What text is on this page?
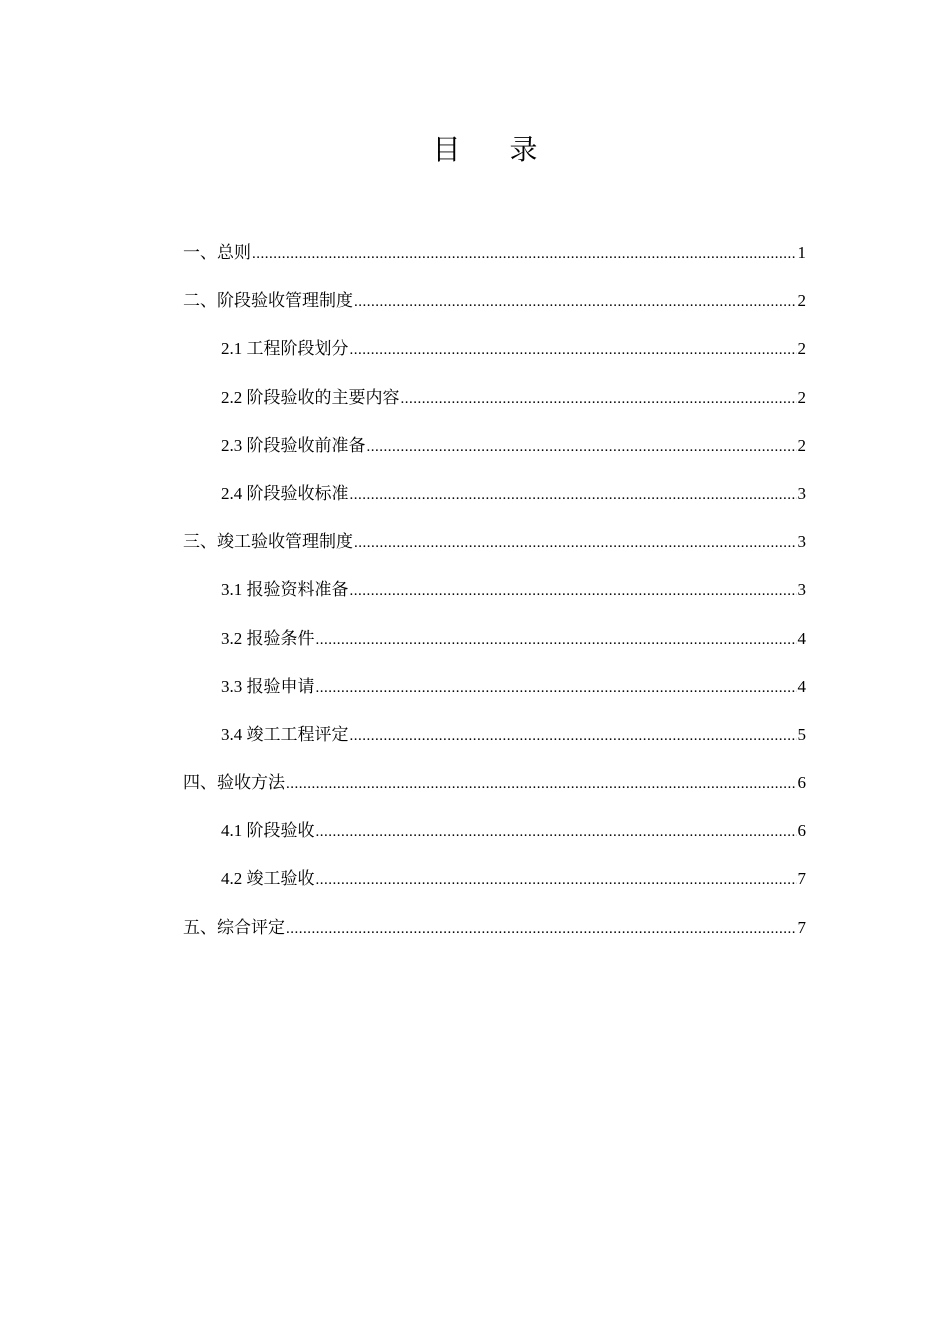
目 录
一、总则 .....	1
二、阶段验收管理制度 .....	2
2.1 工程阶段划分 .....	2
2.2 阶段验收的主要内容 .....	2
2.3 阶段验收前准备 .....	2
2.4 阶段验收标准 .....	3
三、竣工验收管理制度 .....	3
3.1 报验资料准备 .....	3
3.2 报验条件 .....	4
3.3 报验申请 .....	4
3.4 竣工工程评定 .....	5
四、验收方法 .....	6
4.1 阶段验收 .....	6
4.2 竣工验收 .....	7
五、综合评定 .....	7
